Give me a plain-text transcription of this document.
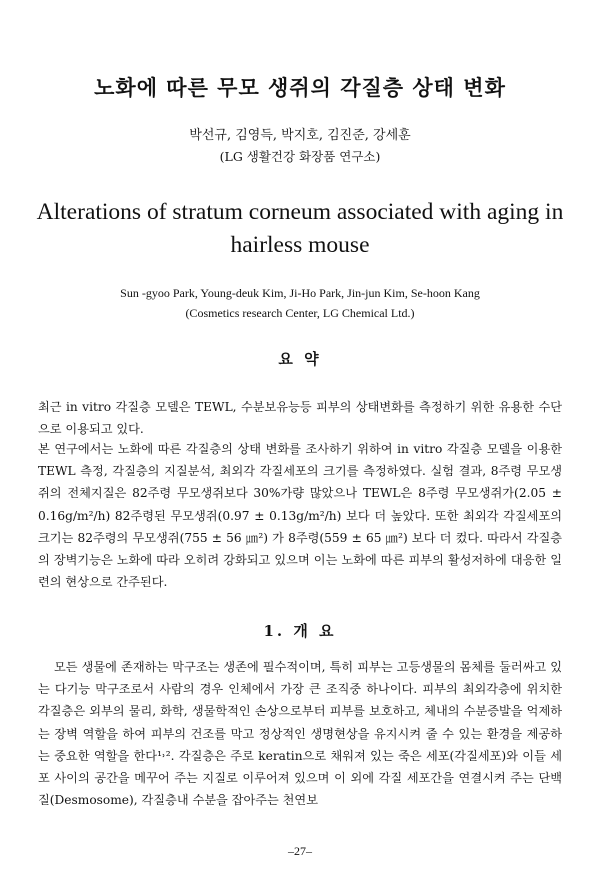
노화에 따른 무모 생쥐의 각질층 상태 변화
박선규, 김영득, 박지호, 김진준, 강세훈
(LG 생활건강 화장품 연구소)
Alterations of stratum corneum associated with aging in
hairless mouse
Sun -gyoo Park, Young-deuk Kim, Ji-Ho Park, Jin-jun Kim, Se-hoon Kang
(Cosmetics research Center, LG Chemical Ltd.)
요 약
최근 in vitro 각질층 모델은 TEWL, 수분보유능등 피부의 상태변화를 측정하기 위한 유용한 수단으로 이용되고 있다.
본 연구에서는 노화에 따른 각질층의 상태 변화를 조사하기 위하여 in vitro 각질층 모델을 이용한 TEWL 측정, 각질층의 지질분석, 최외각 각질세포의 크기를 측정하였다. 실험 결과, 8주령 무모생쥐의 전체지질은 82주령 무모생쥐보다 30%가량 많았으나 TEWL은 8주령 무모생쥐가(2.05 ± 0.16g/m²/h) 82주령된 무모생쥐(0.97 ± 0.13g/m²/h) 보다 더 높았다. 또한 최외각 각질세포의 크기는 82주령의 무모생쥐(755 ± 56 ㎛²) 가 8주령(559 ± 65 ㎛²) 보다 더 컸다. 따라서 각질층의 장벽기능은 노화에 따라 오히려 강화되고 있으며 이는 노화에 따른 피부의 활성저하에 대응한 일련의 현상으로 간주된다.
1. 개 요
모든 생물에 존재하는 막구조는 생존에 필수적이며, 특히 피부는 고등생물의 몸체를 둘러싸고 있는 다기능 막구조로서 사람의 경우 인체에서 가장 큰 조직중 하나이다. 피부의 최외각층에 위치한 각질층은 외부의 물리, 화학, 생물학적인 손상으로부터 피부를 보호하고, 체내의 수분증발을 억제하는 장벽 역할을 하여 피부의 건조를 막고 정상적인 생명현상을 유지시켜 줄 수 있는 환경을 제공하는 중요한 역할을 한다¹˒². 각질층은 주로 keratin으로 채워져 있는 죽은 세포(각질세포)와 이들 세포 사이의 공간을 메꾸어 주는 지질로 이루어져 있으며 이 외에 각질 세포간을 연결시켜 주는 단백질(Desmosome), 각질층내 수분을 잡아주는 천연보
–27–
